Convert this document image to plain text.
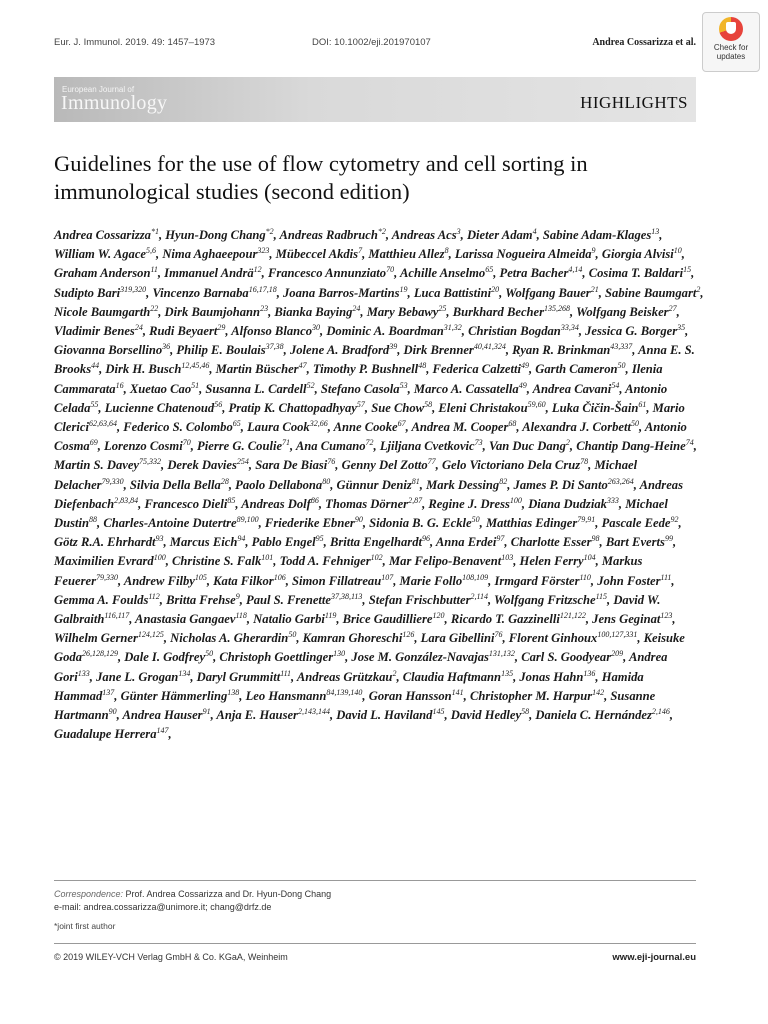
Eur. J. Immunol. 2019. 49: 1457–1973	DOI: 10.1002/eji.201970107	Andrea Cossarizza et al.	Check for
updates
European Journal of
Immunology	HIGHLIGHTS
Guidelines for the use of flow cytometry and cell sorting in immunological studies (second edition)

Andrea Cossarizza$^{*1}$, Hyun-Dong Chang$^{*2}$, Andreas Radbruch$^{*2}$, Andreas Acs$^3$, Dieter Adam$^4$, Sabine Adam-Klages$^{13}$, William W. Agace$^{5,6}$, Nima Aghaeepour$^{323}$, Mübeccel Akdis$^7$, Matthieu Allez$^8$, Larissa Nogueira Almeida$^9$, Giorgia Alvisi$^{10}$, Graham Anderson$^{11}$, Immanuel Andrä$^{12}$, Francesco Annunziato$^{70}$, Achille Anselmo$^{65}$, Petra Bacher$^{4,14}$, Cosima T. Baldari$^{15}$, Sudipto Bari$^{319,320}$, Vincenzo Barnaba$^{16,17,18}$, Joana Barros-Martins$^{19}$, Luca Battistini$^{20}$, Wolfgang Bauer$^{21}$, Sabine Baumgart$^2$, Nicole Baumgarth$^{22}$, Dirk Baumjohann$^{23}$, Bianka Baying$^{24}$, Mary Bebawy$^{25}$, Burkhard Becher$^{135,268}$, Wolfgang Beisker$^{27}$, Vladimir Benes$^{24}$, Rudi Beyaert$^{29}$, Alfonso Blanco$^{30}$, Dominic A. Boardman$^{31,32}$, Christian Bogdan$^{33,34}$, Jessica G. Borger$^{35}$, Giovanna Borsellino$^{36}$, Philip E. Boulais$^{37,38}$, Jolene A. Bradford$^{39}$, Dirk Brenner$^{40,41,324}$, Ryan R. Brinkman$^{43,337}$, Anna E. S. Brooks$^{44}$, Dirk H. Busch$^{12,45,46}$, Martin Büscher$^{47}$, Timothy P. Bushnell$^{48}$, Federica Calzetti$^{49}$, Garth Cameron$^{50}$, Ilenia Cammarata$^{16}$, Xuetao Cao$^{51}$, Susanna L. Cardell$^{52}$, Stefano Casola$^{53}$, Marco A. Cassatella$^{49}$, Andrea Cavani$^{54}$, Antonio Celada$^{55}$, Lucienne Chatenoud$^{56}$, Pratip K. Chattopadhyay$^{57}$, Sue Chow$^{58}$, Eleni Christakou$^{59,60}$, Luka Čičin-Šain$^{61}$, Mario Clerici$^{62,63,64}$, Federico S. Colombo$^{65}$, Laura Cook$^{32,66}$, Anne Cooke$^{67}$, Andrea M. Cooper$^{68}$, Alexandra J. Corbett$^{50}$, Antonio Cosma$^{69}$, Lorenzo Cosmi$^{70}$, Pierre G. Coulie$^{71}$, Ana Cumano$^{72}$, Ljiljana Cvetkovic$^{73}$, Van Duc Dang$^2$, Chantip Dang-Heine$^{74}$, Martin S. Davey$^{75,332}$, Derek Davies$^{254}$, Sara De Biasi$^{76}$, Genny Del Zotto$^{77}$, Gelo Victoriano Dela Cruz$^{78}$, Michael Delacher$^{79,330}$, Silvia Della Bella$^{28}$, Paolo Dellabona$^{80}$, Günnur Deniz$^{81}$, Mark Dessing$^{82}$, James P. Di Santo$^{263,264}$, Andreas Diefenbach$^{2,83,84}$, Francesco Dieli$^{85}$, Andreas Dolf$^{86}$, Thomas Dörner$^{2,87}$, Regine J. Dress$^{100}$, Diana Dudziak$^{333}$, Michael Dustin$^{88}$, Charles-Antoine Dutertre$^{89,100}$, Friederike Ebner$^{90}$, Sidonia B. G. Eckle$^{50}$, Matthias Edinger$^{79,91}$, Pascale Eede$^{92}$, Götz R.A. Ehrhardt$^{93}$, Marcus Eich$^{94}$, Pablo Engel$^{95}$, Britta Engelhardt$^{96}$, Anna Erdei$^{97}$, Charlotte Esser$^{98}$, Bart Everts$^{99}$, Maximilien Evrard$^{100}$, Christine S. Falk$^{101}$, Todd A. Fehniger$^{102}$, Mar Felipo-Benavent$^{103}$, Helen Ferry$^{104}$, Markus Feuerer$^{79,330}$, Andrew Filby$^{105}$, Kata Filkor$^{106}$, Simon Fillatreau$^{107}$, Marie Follo$^{108,109}$, Irmgard Förster$^{110}$, John Foster$^{111}$, Gemma A. Foulds$^{112}$, Britta Frehse$^9$, Paul S. Frenette$^{37,38,113}$, Stefan Frischbutter$^{2,114}$, Wolfgang Fritzsche$^{115}$, David W. Galbraith$^{116,117}$, Anastasia Gangaev$^{118}$, Natalio Garbi$^{119}$, Brice Gaudilliere$^{120}$, Ricardo T. Gazzinelli$^{121,122}$, Jens Geginat$^{123}$, Wilhelm Gerner$^{124,125}$, Nicholas A. Gherardin$^{50}$, Kamran Ghoreschi$^{126}$, Lara Gibellini$^{76}$, Florent Ginhoux$^{100,127,331}$, Keisuke Goda$^{26,128,129}$, Dale I. Godfrey$^{50}$, Christoph Goettlinger$^{130}$, Jose M. González-Navajas$^{131,132}$, Carl S. Goodyear$^{209}$, Andrea Gori$^{133}$, Jane L. Grogan$^{134}$, Daryl Grummitt$^{111}$, Andreas Grützkau$^2$, Claudia Haftmann$^{135}$, Jonas Hahn$^{136}$, Hamida Hammad$^{137}$, Günter Hämmerling$^{138}$, Leo Hansmann$^{84,139,140}$, Goran Hansson$^{141}$, Christopher M. Harpur$^{142}$, Susanne Hartmann$^{90}$, Andrea Hauser$^{91}$, Anja E. Hauser$^{2,143,144}$, David L. Haviland$^{145}$, David Hedley$^{58}$, Daniela C. Hernández$^{2,146}$, Guadalupe Herrera$^{147}$,

Correspondence: Prof. Andrea Cossarizza and Dr. Hyun-Dong Chang
e-mail: andrea.cossarizza@unimore.it; chang@drfz.de
*joint first author
© 2019 WILEY-VCH Verlag GmbH & Co. KGaA, Weinheim	www.eji-journal.eu
